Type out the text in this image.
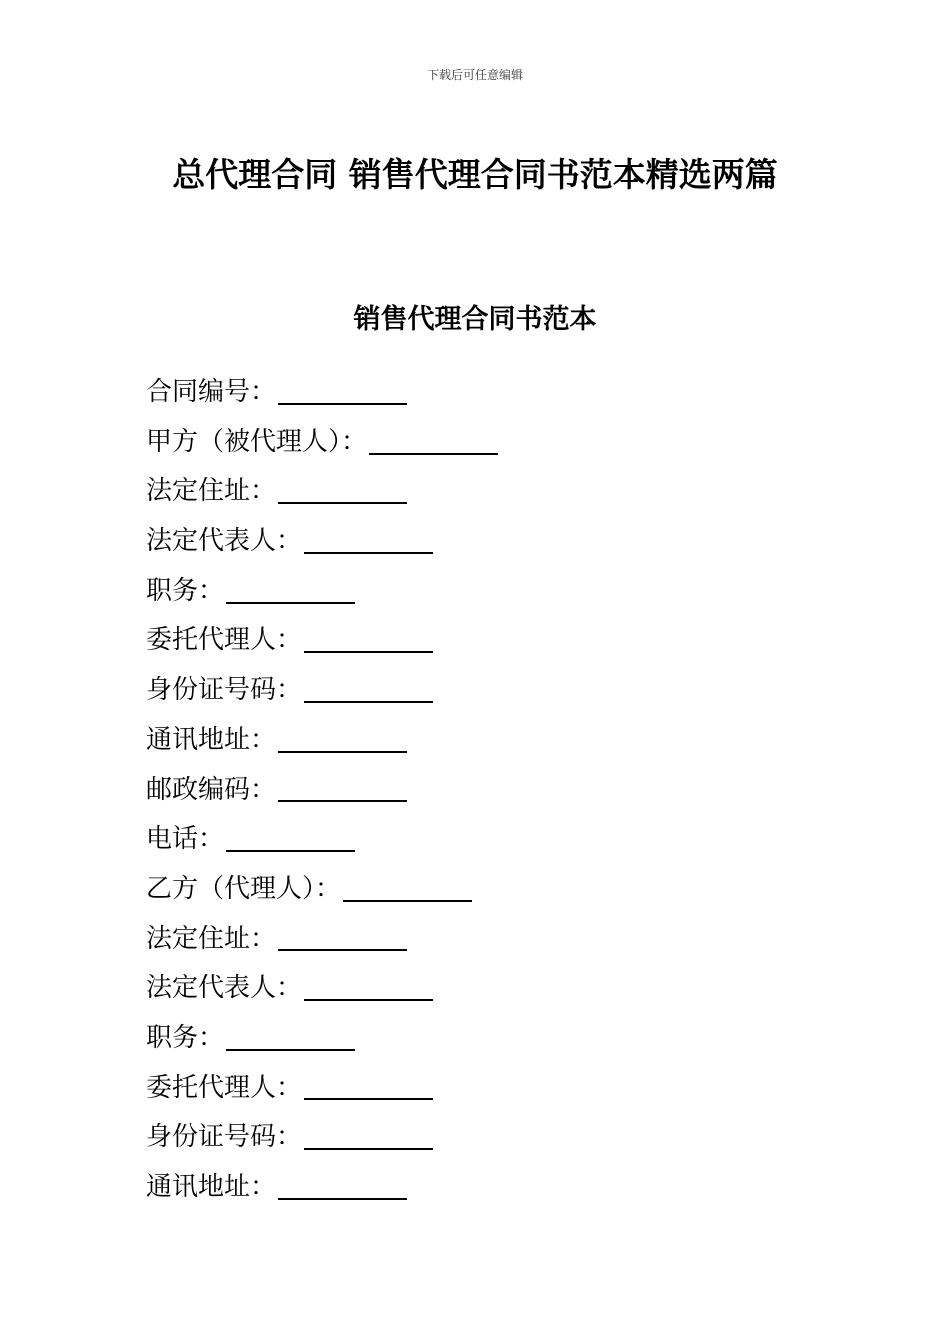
下载后可任意编辑
总代理合同 销售代理合同书范本精选两篇
销售代理合同书范本
合同编号：
甲方（被代理人）：
法定住址：
法定代表人：
职务：
委托代理人：
身份证号码：
通讯地址：
邮政编码：
电话：
乙方（代理人）：
法定住址：
法定代表人：
职务：
委托代理人：
身份证号码：
通讯地址：
